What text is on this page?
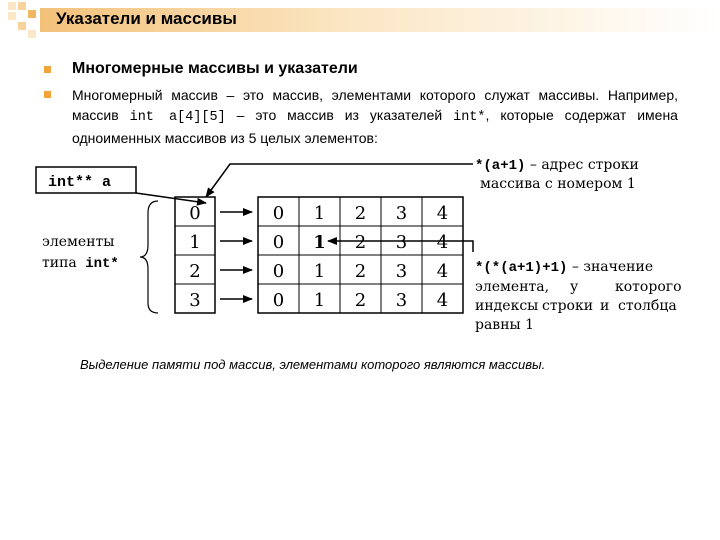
Указатели и массивы
Многомерные массивы и указатели
Многомерный массив – это массив, элементами которого служат массивы. Например, массив int a[4][5] – это массив из указателей int*, которые содержат имена одноименных массивов из 5 целых элементов:
int** a
элементы
типа int*
0
1
2
3
0 1 2 3 4
0 1 2 3 4
0 1 2 3 4
0 1 2 3 4
*(a+1) – адрес строки
массива с номером 1
*(*(a+1)+1) – значение
элемента, у	которого
индексы строки и столбца
равны 1
Выделение памяти под массив, элементами которого являются массивы.
